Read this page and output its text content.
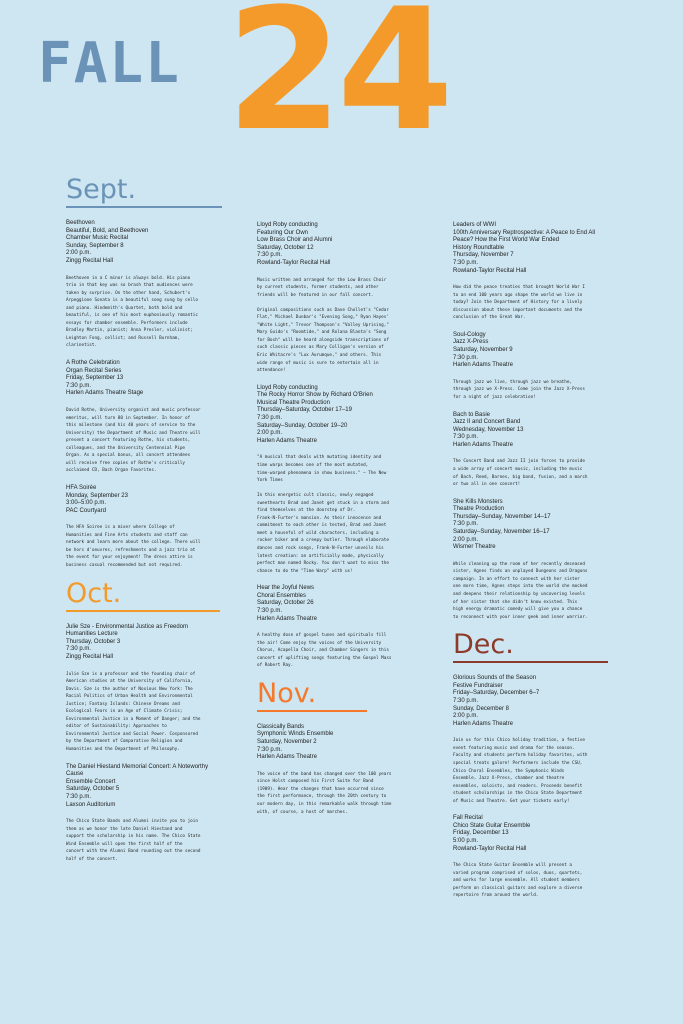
FALL 24
Sept.
Beethoven
Beautiful, Bold, and Beethoven
Chamber Music Recital
Sunday, September 8
2:00 p.m.
Zingg Recital Hall
Beethoven in a C minor is always bold. His piano
trio in that key was so brash that audiences were
taken by surprise. On the other hand, Schubert's
Arpeggione Sonata is a beautiful song sung by cello
and piano. Hindemith's Quartet, both bold and
beautiful, is one of his most euphoniously romantic
essays for chamber ensemble. Performers include
Bradley Martin, pianist; Anna Presler, violinist;
Leighton Fong, cellist; and Russell Burnham,
clarinetist.
A Rothe Celebration
Organ Recital Series
Friday, September 13
7:30 p.m.
Harlen Adams Theatre Stage
David Rothe, University organist and music professor
emeritus, will turn 80 in September. In honor of
this milestone (and his 40 years of service to the
University) the Department of Music and Theatre will
present a concert featuring Rothe, his students,
colleagues, and the University Centennial Pipe
Organ. As a special bonus, all concert attendees
will receive free copies of Rothe's critically
acclaimed CD, Bach Organ Favorites.
HFA Soirée
Monday, September 23
3:00–5:00 p.m.
PAC Courtyard
The HFA Soiree is a mixer where College of
Humanities and Fine Arts students and staff can
network and learn more about the college. There will
be hors d'oeuvres, refreshments and a jazz trio at
the event for your enjoyment! The dress attire is
business casual recommended but not required.
Oct.
Julie Sze - Environmental Justice as Freedom
Humanities Lecture
Thursday, October 3
7:30 p.m.
Zingg Recital Hall
Julie Sze is a professor and the founding chair of
American studies at the University of California,
Davis. Sze is the author of Noxious New York: The
Racial Politics of Urban Health and Environmental
Justice; Fantasy Islands: Chinese Dreams and
Ecological Fears in an Age of Climate Crisis;
Environmental Justice in a Moment of Danger; and the
editor of Sustainability: Approaches to
Environmental Justice and Social Power. Cosponsored
by the Department of Comparative Religion and
Humanities and the Department of Philosophy.
The Daniel Hiestand Memorial Concert: A Noteworthy
Cause
Ensemble Concert
Saturday, October 5
7:30 p.m.
Laxson Auditorium
The Chico State Bands and Alumni invite you to join
them as we honor the late Daniel Hiestand and
support the scholarship in his name. The Chico State
Wind Ensemble will open the first half of the
concert with the Alumni Band rounding out the second
half of the concert.
Lloyd Roby conducting
Featuring Our Own
Low Brass Choir and Alumni
Saturday, October 12
7:30 p.m.
Rowland-Taylor Recital Hall
Music written and arranged for the Low Brass Choir
by current students, former students, and other
friends will be featured in our fall concert.

Original compositions such as Dave Chollet's "Cedar
Flat," Michael Dunbar's "Evening Song," Ryan Hayes'
"White Light," Trevor Thompson's "Valley Uprising,"
Mary Guido's "Roomtide," and Rolana Blanta's "Song
for Bosh" will be heard alongside transcriptions of
such classic pieces as Mary Colligan's version of
Eric Whitacre's "Lux Aurumque," and others. This
wide range of music is sure to entertain all in
attendance!
Lloyd Roby conducting
The Rocky Horror Show by Richard O'Brien
Musical Theatre Production
Thursday–Saturday, October 17–19
7:30 p.m.
Saturday–Sunday, October 19–20
2:00 p.m.
Harlen Adams Theatre
"A musical that deals with mutating identity and
time warps becomes one of the most mutated,
time-warped phenomena in show business." — The New
York Times

In this energetic cult classic, newly engaged
sweethearts Brad and Janet get stuck in a storm and
find themselves at the doorstep of Dr.
Frank-N-Furter's mansion. As their innocence and
commitment to each other is tested, Brad and Janet
meet a houseful of wild characters, including a
rocker biker and a creepy butler. Through elaborate
dances and rock songs, Frank-N-Furter unveils his
latest creation: an artificially made, physically
perfect man named Rocky. You don't want to miss the
chance to do the "Time Warp" with us!
Hear the Joyful News
Choral Ensembles
Saturday, October 26
7:30 p.m.
Harlen Adams Theatre
A healthy dose of gospel tunes and spirituals fill
the air! Come enjoy the voices of the University
Chorus, Acapella Choir, and Chamber Singers in this
concert of uplifting songs featuring the Gospel Mass
of Robert Ray.
Nov.
Classically Bands
Symphonic Winds Ensemble
Saturday, November 2
7:30 p.m.
Harlen Adams Theatre
The voice of the band has changed over the 100 years
since Holst composed his First Suite for Band
(1909). Hear the changes that have occurred since
the first performance, through the 20th century to
our modern day, in this remarkable walk through time
with, of course, a host of marches.
Leaders of WWI
100th Anniversary Reptrospective: A Peace to End All
Peace? How the First World War Ended
History Roundtable
Thursday, November 7
7:30 p.m.
Rowland-Taylor Recital Hall
How did the peace treaties that brought World War I
to an end 100 years ago shape the world we live in
today? Join the Department of History for a lively
discussion about these important documents and the
conclusion of the Great War.
Soul-Cology
Jazz X-Press
Saturday, November 9
7:30 p.m.
Harlen Adams Theatre
Through jazz we live, through jazz we breathe,
through jazz we X-Press. Come join the Jazz X-Press
for a night of jazz celebration!
Bach to Basie
Jazz II and Concert Band
Wednesday, November 13
7:30 p.m.
Harlen Adams Theatre
The Concert Band and Jazz II join forces to provide
a wide array of concert music, including the music
of Bach, Reed, Barnes, big band, fusion, and a march
or two all in one concert!
She Kills Monsters
Theatre Production
Thursday–Sunday, November 14–17
7:30 p.m.
Saturday–Sunday, November 16–17
2:00 p.m.
Wismer Theatre
While cleaning up the room of her recently deceased
sister, Agnes finds an unplayed Dungeons and Dragons
campaign. In an effort to connect with her sister
one more time, Agnes steps into the world she mocked
and deepens their relationship by uncovering levels
of her sister that she didn't know existed. This
high energy dramatic comedy will give you a chance
to reconnect with your inner geek and inner warrior.
Dec.
Glorious Sounds of the Season
Festive Fundraiser
Friday–Saturday, December 6–7
7:30 p.m.
Sunday, December 8
2:00 p.m.
Harlen Adams Theatre
Join us for this Chico holiday tradition, a festive
event featuring music and drama for the season.
Faculty and students perform holiday favorites, with
special treats galore! Performers include the CSU,
Chico Choral Ensembles, the Symphonic Winds
Ensemble, Jazz X-Press, chamber and theatre
ensembles, soloists, and readers. Proceeds benefit
student scholarships in the Chico State Department
of Music and Theatre. Get your tickets early!
Fall Recital
Chico State Guitar Ensemble
Friday, December 13
5:00 p.m.
Rowland-Taylor Recital Hall
The Chico State Guitar Ensemble will present a
varied program comprised of solos, duos, quartets,
and works for large ensemble. All student members
perform on classical guitars and explore a diverse
repertoire from around the world.
